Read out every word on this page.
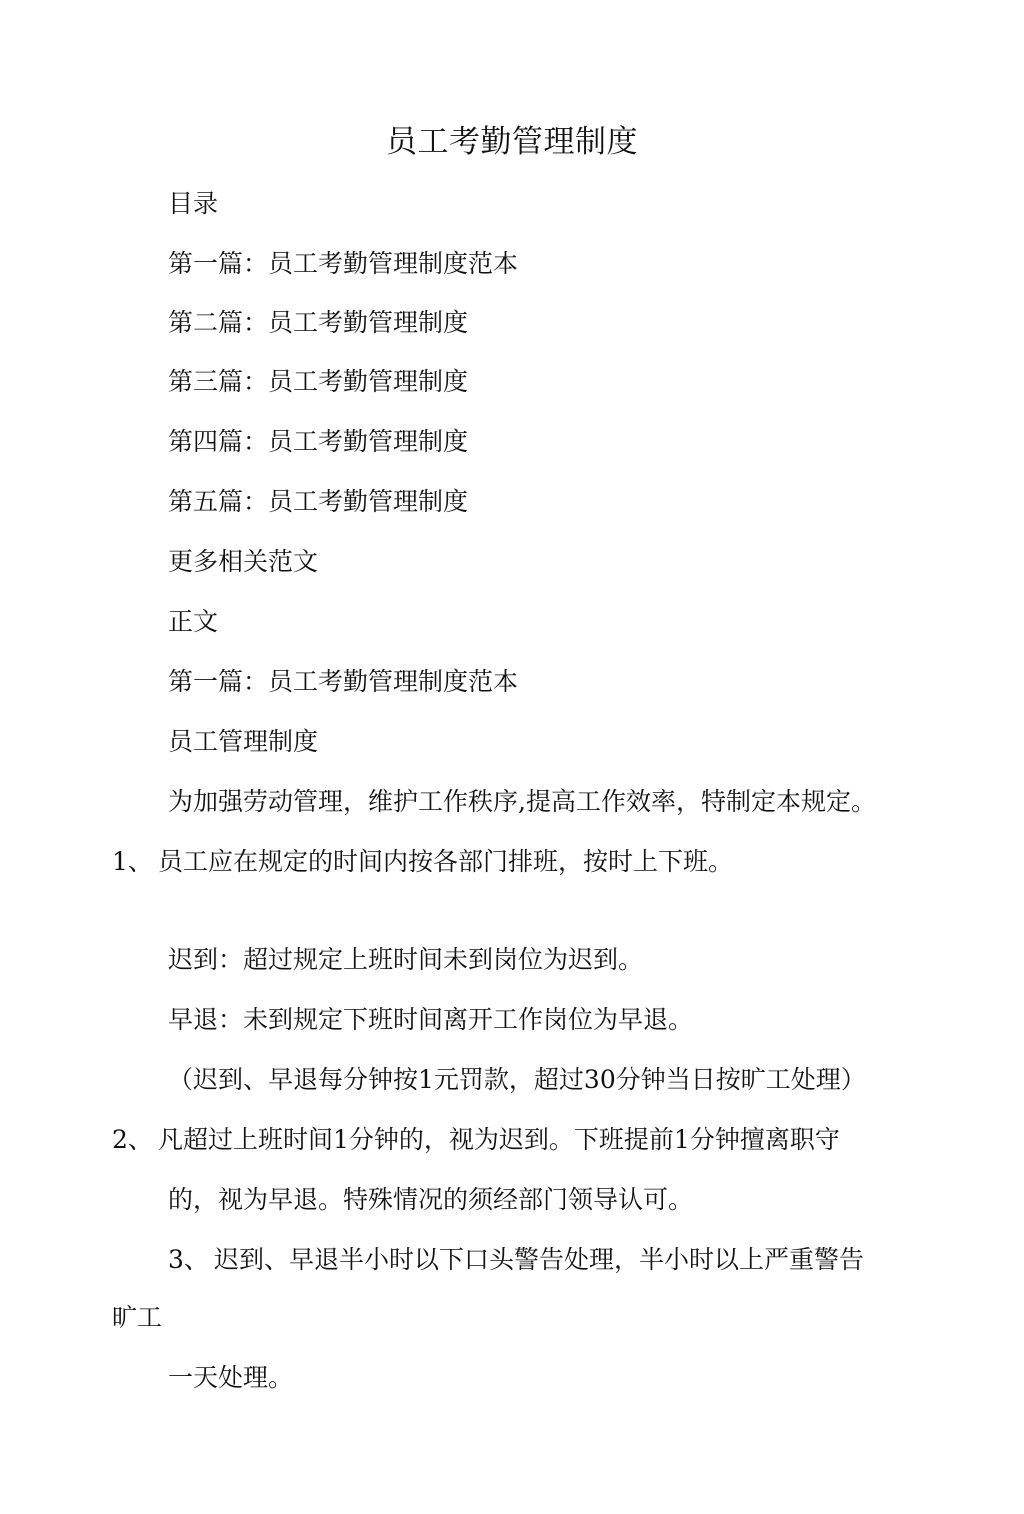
员工考勤管理制度
目录
第一篇：员工考勤管理制度范本
第二篇：员工考勤管理制度
第三篇：员工考勤管理制度
第四篇：员工考勤管理制度
第五篇：员工考勤管理制度
更多相关范文
正文
第一篇：员工考勤管理制度范本
员工管理制度
为加强劳动管理，维护工作秩序,提高工作效率，特制定本规定。
1、 员工应在规定的时间内按各部门排班，按时上下班。
迟到：超过规定上班时间未到岗位为迟到。
早退：未到规定下班时间离开工作岗位为早退。
（迟到、早退每分钟按1元罚款，超过30分钟当日按旷工处理）
2、 凡超过上班时间1分钟的，视为迟到。下班提前1分钟擅离职守
的，视为早退。特殊情况的须经部门领导认可。
3、 迟到、早退半小时以下口头警告处理，半小时以上严重警告
旷工
一天处理。
